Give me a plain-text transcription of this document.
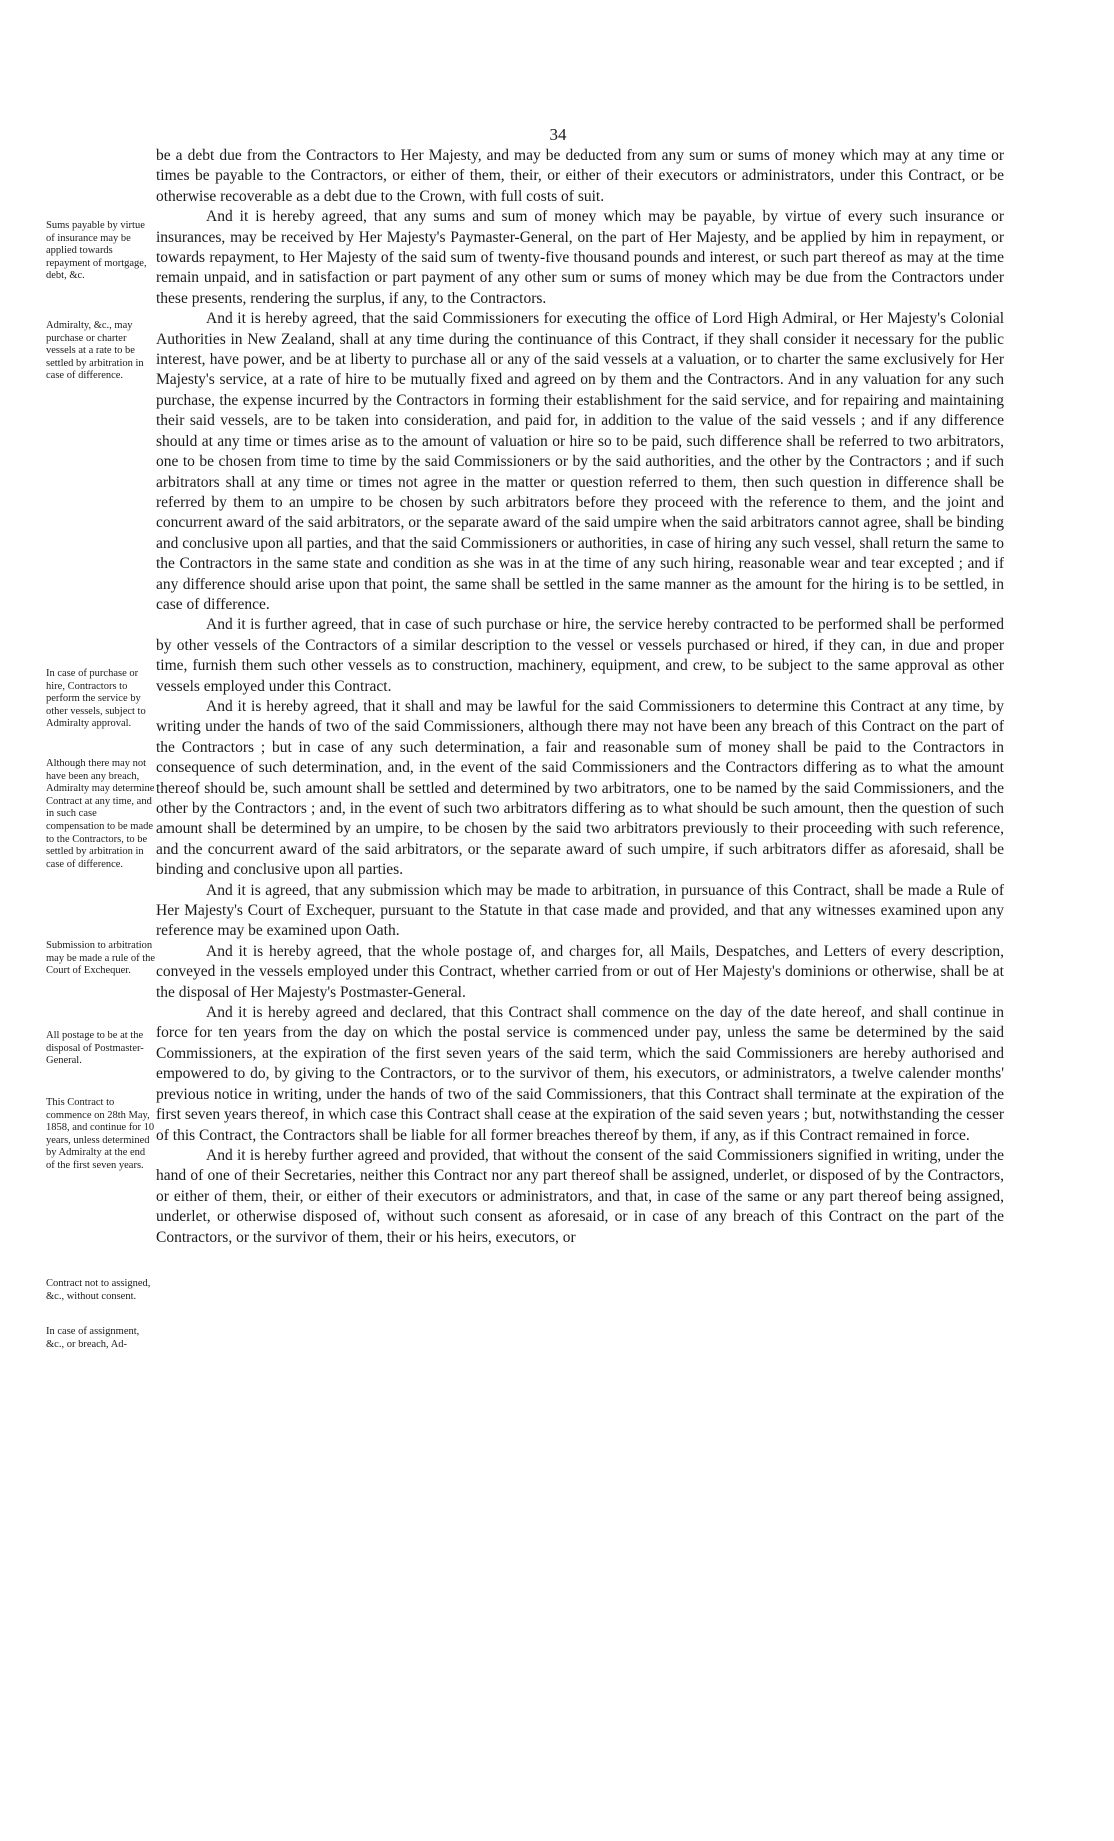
34
Sums payable by virtue of insurance may be applied towards repayment of mortgage, debt, &c.
Admiralty, &c., may purchase or charter vessels at a rate to be settled by arbitration in case of difference.
In case of purchase or hire, Contractors to perform the service by other vessels, subject to Admiralty approval.
Although there may not have been any breach, Admiralty may determine Contract at any time, and in such case compensation to be made to the Contractors, to be settled by arbitration in case of difference.
Submission to arbitration may be made a rule of the Court of Exchequer.
All postage to be at the disposal of Postmaster-General.
This Contract to commence on 28th May, 1858, and continue for 10 years, unless determined by Admiralty at the end of the first seven years.
Contract not to assigned, &c., without consent.
In case of assignment, &c., or breach, Ad-

be a debt due from the Contractors to Her Majesty, and may be deducted from any sum or sums of money which may at any time or times be payable to the Contractors, or either of them, their, or either of their executors or administrators, under this Contract, or be otherwise recoverable as a debt due to the Crown, with full costs of suit.

And it is hereby agreed, that any sums and sum of money which may be payable, by virtue of every such insurance or insurances, may be received by Her Majesty's Paymaster-General, on the part of Her Majesty, and be applied by him in repayment, or towards repayment, to Her Majesty of the said sum of twenty-five thousand pounds and interest, or such part thereof as may at the time remain unpaid, and in satisfaction or part payment of any other sum or sums of money which may be due from the Contractors under these presents, rendering the surplus, if any, to the Contractors.

And it is hereby agreed, that the said Commissioners for executing the office of Lord High Admiral, or Her Majesty's Colonial Authorities in New Zealand, shall at any time during the continuance of this Contract, if they shall consider it necessary for the public interest, have power, and be at liberty to purchase all or any of the said vessels at a valuation, or to charter the same exclusively for Her Majesty's service, at a rate of hire to be mutually fixed and agreed on by them and the Contractors. And in any valuation for any such purchase, the expense incurred by the Contractors in forming their establishment for the said service, and for repairing and maintaining their said vessels, are to be taken into consideration, and paid for, in addition to the value of the said vessels ; and if any difference should at any time or times arise as to the amount of valuation or hire so to be paid, such difference shall be referred to two arbitrators, one to be chosen from time to time by the said Commissioners or by the said authorities, and the other by the Contractors ; and if such arbitrators shall at any time or times not agree in the matter or question referred to them, then such question in difference shall be referred by them to an umpire to be chosen by such arbitrators before they proceed with the reference to them, and the joint and concurrent award of the said arbitrators, or the separate award of the said umpire when the said arbitrators cannot agree, shall be binding and conclusive upon all parties, and that the said Commissioners or authorities, in case of hiring any such vessel, shall return the same to the Contractors in the same state and condition as she was in at the time of any such hiring, reasonable wear and tear excepted ; and if any difference should arise upon that point, the same shall be settled in the same manner as the amount for the hiring is to be settled, in case of difference.

And it is further agreed, that in case of such purchase or hire, the service hereby contracted to be performed shall be performed by other vessels of the Contractors of a similar description to the vessel or vessels purchased or hired, if they can, in due and proper time, furnish them such other vessels as to construction, machinery, equipment, and crew, to be subject to the same approval as other vessels employed under this Contract.

And it is hereby agreed, that it shall and may be lawful for the said Commissioners to determine this Contract at any time, by writing under the hands of two of the said Commissioners, although there may not have been any breach of this Contract on the part of the Contractors ; but in case of any such determination, a fair and reasonable sum of money shall be paid to the Contractors in consequence of such determination, and, in the event of the said Commissioners and the Contractors differing as to what the amount thereof should be, such amount shall be settled and determined by two arbitrators, one to be named by the said Commissioners, and the other by the Contractors ; and, in the event of such two arbitrators differing as to what should be such amount, then the question of such amount shall be determined by an umpire, to be chosen by the said two arbitrators previously to their proceeding with such reference, and the concurrent award of the said arbitrators, or the separate award of such umpire, if such arbitrators differ as aforesaid, shall be binding and conclusive upon all parties.

And it is agreed, that any submission which may be made to arbitration, in pursuance of this Contract, shall be made a Rule of Her Majesty's Court of Exchequer, pursuant to the Statute in that case made and provided, and that any witnesses examined upon any reference may be examined upon Oath.

And it is hereby agreed, that the whole postage of, and charges for, all Mails, Despatches, and Letters of every description, conveyed in the vessels employed under this Contract, whether carried from or out of Her Majesty's dominions or otherwise, shall be at the disposal of Her Majesty's Postmaster-General.

And it is hereby agreed and declared, that this Contract shall commence on the day of the date hereof, and shall continue in force for ten years from the day on which the postal service is commenced under pay, unless the same be determined by the said Commissioners, at the expiration of the first seven years of the said term, which the said Commissioners are hereby authorised and empowered to do, by giving to the Contractors, or to the survivor of them, his executors, or administrators, a twelve calender months' previous notice in writing, under the hands of two of the said Commissioners, that this Contract shall terminate at the expiration of the first seven years thereof, in which case this Contract shall cease at the expiration of the said seven years ; but, notwithstanding the cesser of this Contract, the Contractors shall be liable for all former breaches thereof by them, if any, as if this Contract remained in force.

And it is hereby further agreed and provided, that without the consent of the said Commissioners signified in writing, under the hand of one of their Secretaries, neither this Contract nor any part thereof shall be assigned, underlet, or disposed of by the Contractors, or either of them, their, or either of their executors or administrators, and that, in case of the same or any part thereof being assigned, underlet, or otherwise disposed of, without such consent as aforesaid, or in case of any breach of this Contract on the part of the Contractors, or the survivor of them, their or his heirs, executors, or
